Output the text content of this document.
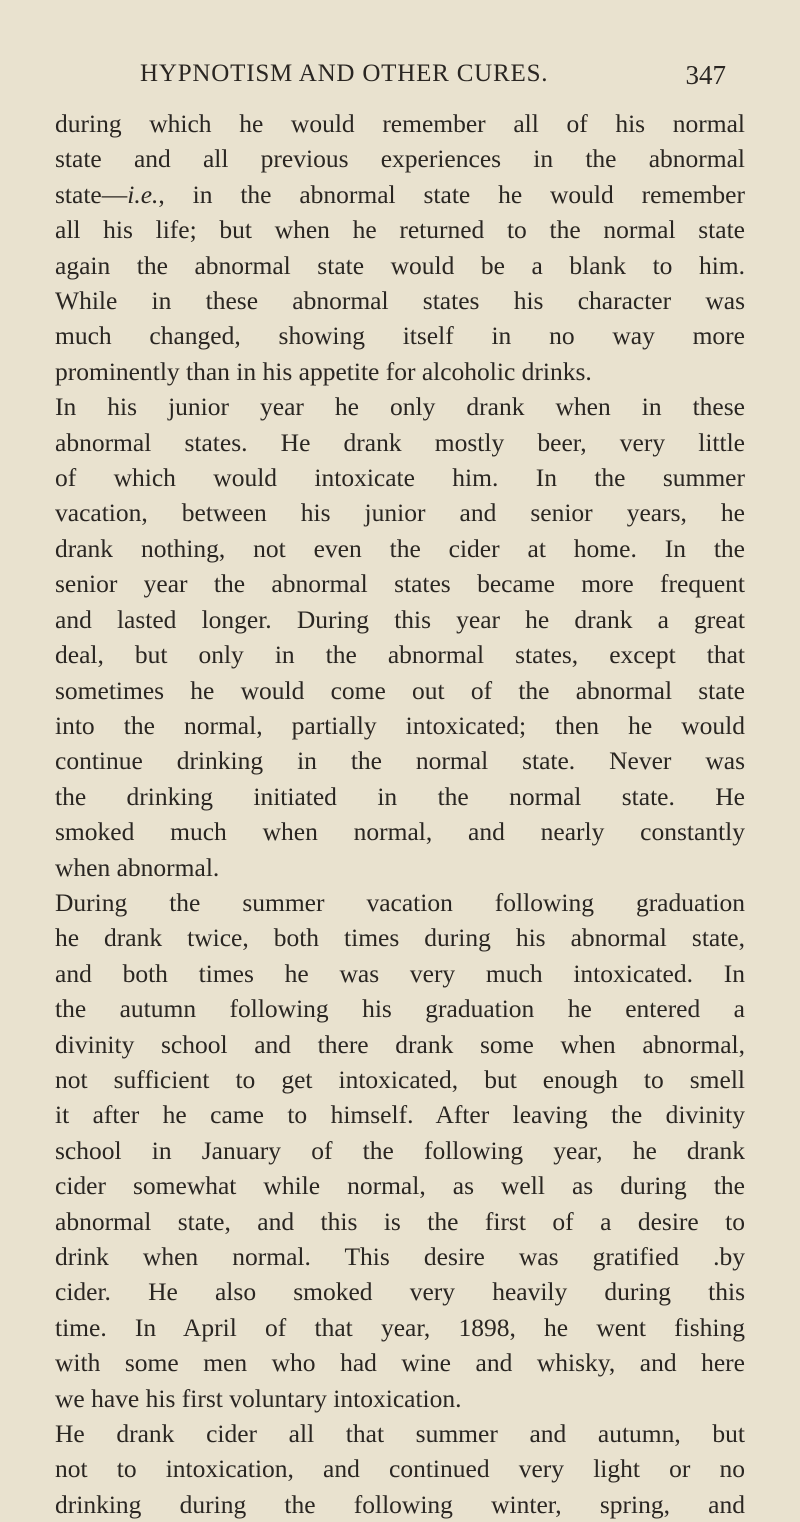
HYPNOTISM AND OTHER CURES.	347
during which he would remember all of his normal
state and all previous experiences in the abnormal
state—i.e., in the abnormal state he would remember
all his life; but when he returned to the normal state
again the abnormal state would be a blank to him.
While in these abnormal states his character was
much changed, showing itself in no way more
prominently than in his appetite for alcoholic drinks.
In his junior year he only drank when in these
abnormal states. He drank mostly beer, very little
of which would intoxicate him. In the summer
vacation, between his junior and senior years, he
drank nothing, not even the cider at home. In the
senior year the abnormal states became more frequent
and lasted longer. During this year he drank a great
deal, but only in the abnormal states, except that
sometimes he would come out of the abnormal state
into the normal, partially intoxicated; then he would
continue drinking in the normal state. Never was
the drinking initiated in the normal state. He
smoked much when normal, and nearly constantly
when abnormal.
During the summer vacation following graduation
he drank twice, both times during his abnormal state,
and both times he was very much intoxicated. In
the autumn following his graduation he entered a
divinity school and there drank some when abnormal,
not sufficient to get intoxicated, but enough to smell
it after he came to himself. After leaving the divinity
school in January of the following year, he drank
cider somewhat while normal, as well as during the
abnormal state, and this is the first of a desire to
drink when normal. This desire was gratified .by
cider. He also smoked very heavily during this
time. In April of that year, 1898, he went fishing
with some men who had wine and whisky, and here
we have his first voluntary intoxication.
He drank cider all that summer and autumn, but
not to intoxication, and continued very light or no
drinking during the following winter, spring, and
